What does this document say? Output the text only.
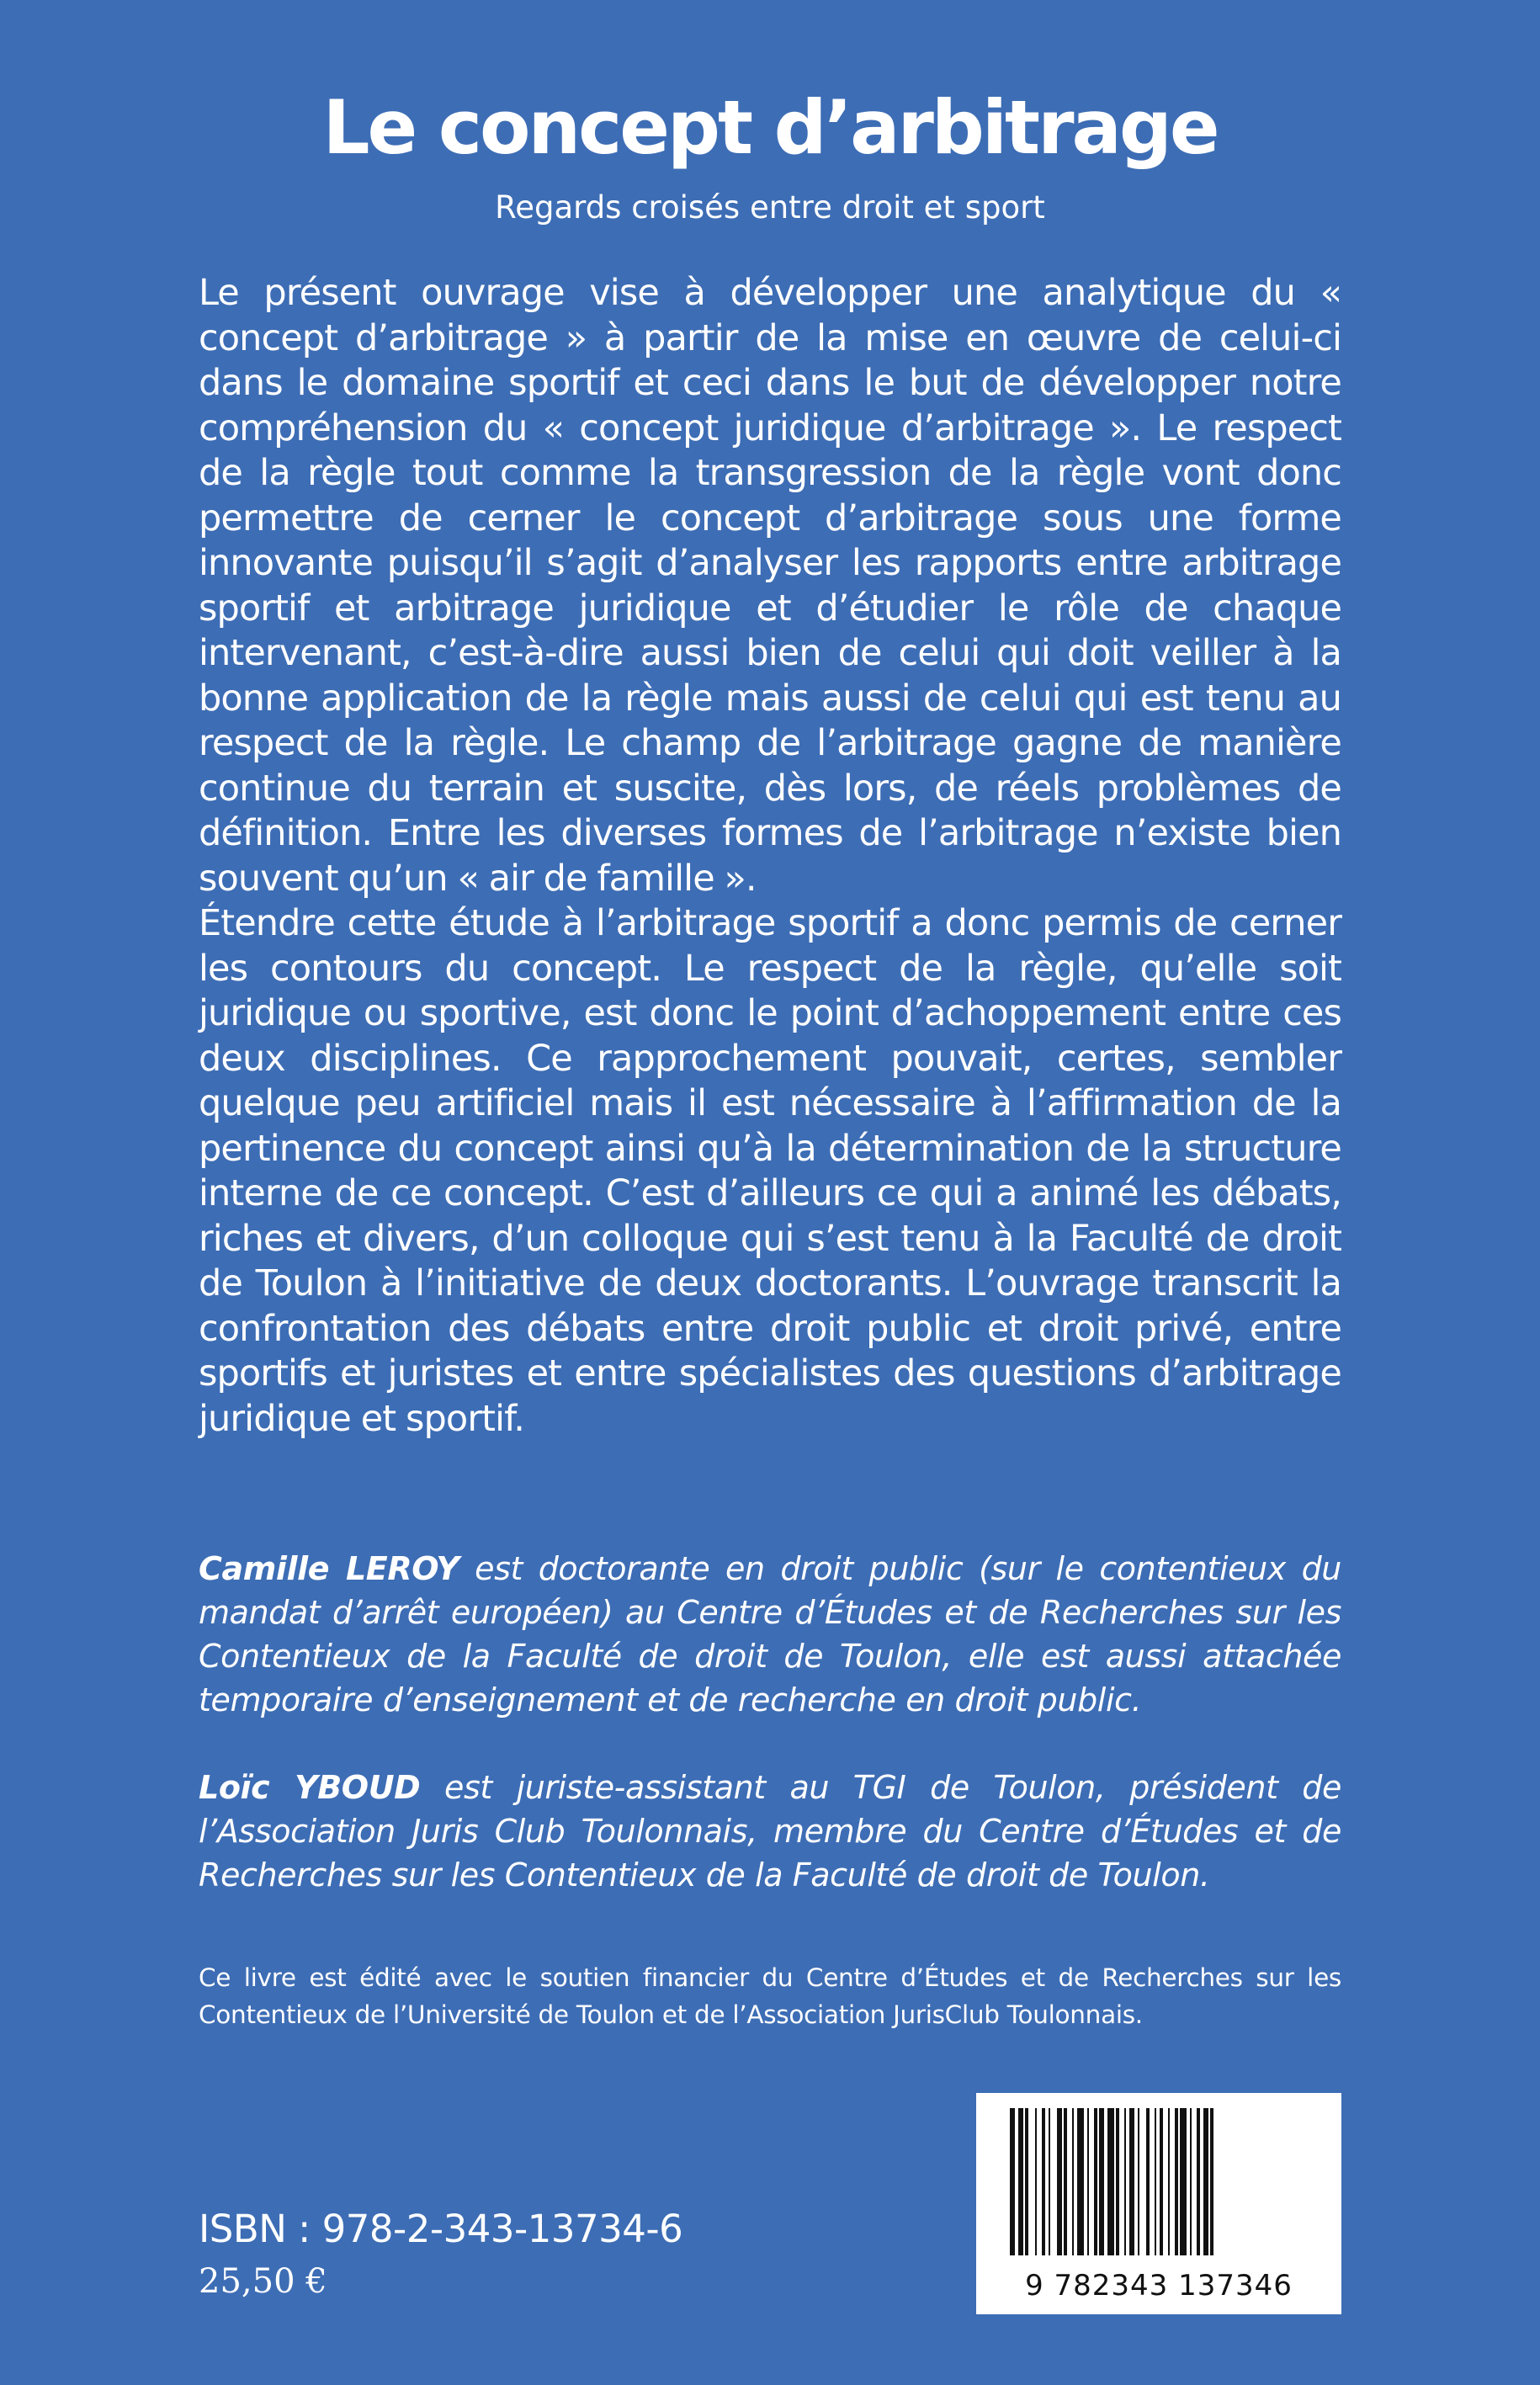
Le concept d’arbitrage
Regards croisés entre droit et sport

Le présent ouvrage vise à développer une analytique du « concept d’arbitrage » à partir de la mise en œuvre de celui-ci dans le domaine sportif et ceci dans le but de développer notre compréhension du « concept juridique d’arbitrage ». Le respect de la règle tout comme la transgression de la règle vont donc permettre de cerner le concept d’arbitrage sous une forme innovante puisqu’il s’agit d’analyser les rapports entre arbitrage sportif et arbitrage juridique et d’étudier le rôle de chaque intervenant, c’est-à-dire aussi bien de celui qui doit veiller à la bonne application de la règle mais aussi de celui qui est tenu au respect de la règle. Le champ de l’arbitrage gagne de manière continue du terrain et suscite, dès lors, de réels problèmes de définition. Entre les diverses formes de l’arbitrage n’existe bien souvent qu’un « air de famille ».

Étendre cette étude à l’arbitrage sportif a donc permis de cerner les contours du concept. Le respect de la règle, qu’elle soit juridique ou sportive, est donc le point d’achoppement entre ces deux disciplines. Ce rapprochement pouvait, certes, sembler quelque peu artificiel mais il est nécessaire à l’affirmation de la pertinence du concept ainsi qu’à la détermination de la structure interne de ce concept. C’est d’ailleurs ce qui a animé les débats, riches et divers, d’un colloque qui s’est tenu à la Faculté de droit de Toulon à l’initiative de deux doctorants. L’ouvrage transcrit la confrontation des débats entre droit public et droit privé, entre sportifs et juristes et entre spécialistes des questions d’arbitrage juridique et sportif.

Camille LEROY est doctorante en droit public (sur le contentieux du mandat d’arrêt européen) au Centre d’Études et de Recherches sur les Contentieux de la Faculté de droit de Toulon, elle est aussi attachée temporaire d’enseignement et de recherche en droit public.

Loïc YBOUD est juriste-assistant au TGI de Toulon, président de l’Association Juris Club Toulonnais, membre du Centre d’Études et de Recherches sur les Contentieux de la Faculté de droit de Toulon.

Ce livre est édité avec le soutien financier du Centre d’Études et de Recherches sur les Contentieux de l’Université de Toulon et de l’Association JurisClub Toulonnais.
9 782343 137346
ISBN : 978-2-343-13734-6
25,50 €
